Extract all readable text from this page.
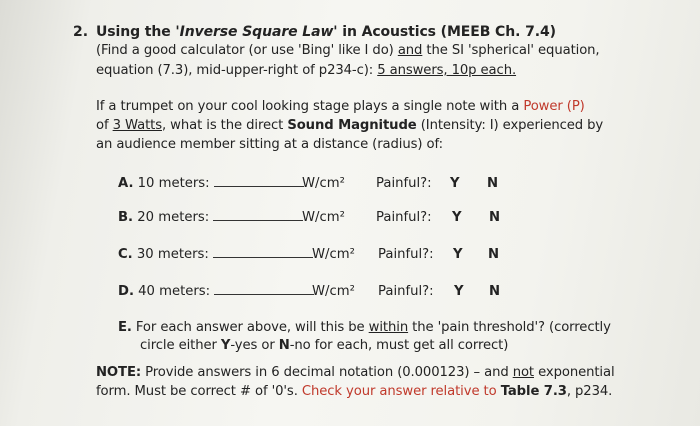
2. Using the 'Inverse Square Law' in Acoustics (MEEB Ch. 7.4)
(Find a good calculator (or use 'Bing' like I do) and the SI 'spherical' equation,
equation (7.3), mid-upper-right of p234-c): 5 answers, 10p each.
If a trumpet on your cool looking stage plays a single note with a Power (P)
of 3 Watts, what is the direct Sound Magnitude (Intensity: I) experienced by
an audience member sitting at a distance (radius) of:
A. 10 meters:	W/cm² Painful?: Y N
B. 20 meters:	W/cm² Painful?: Y N
C. 30 meters:	W/cm² Painful?: Y N
D. 40 meters:	W/cm² Painful?: Y N
E. For each answer above, will this be within the 'pain threshold'? (correctly
circle either Y-yes or N-no for each, must get all correct)
NOTE: Provide answers in 6 decimal notation (0.000123) – and not exponential
form. Must be correct # of '0's. Check your answer relative to Table 7.3, p234.
